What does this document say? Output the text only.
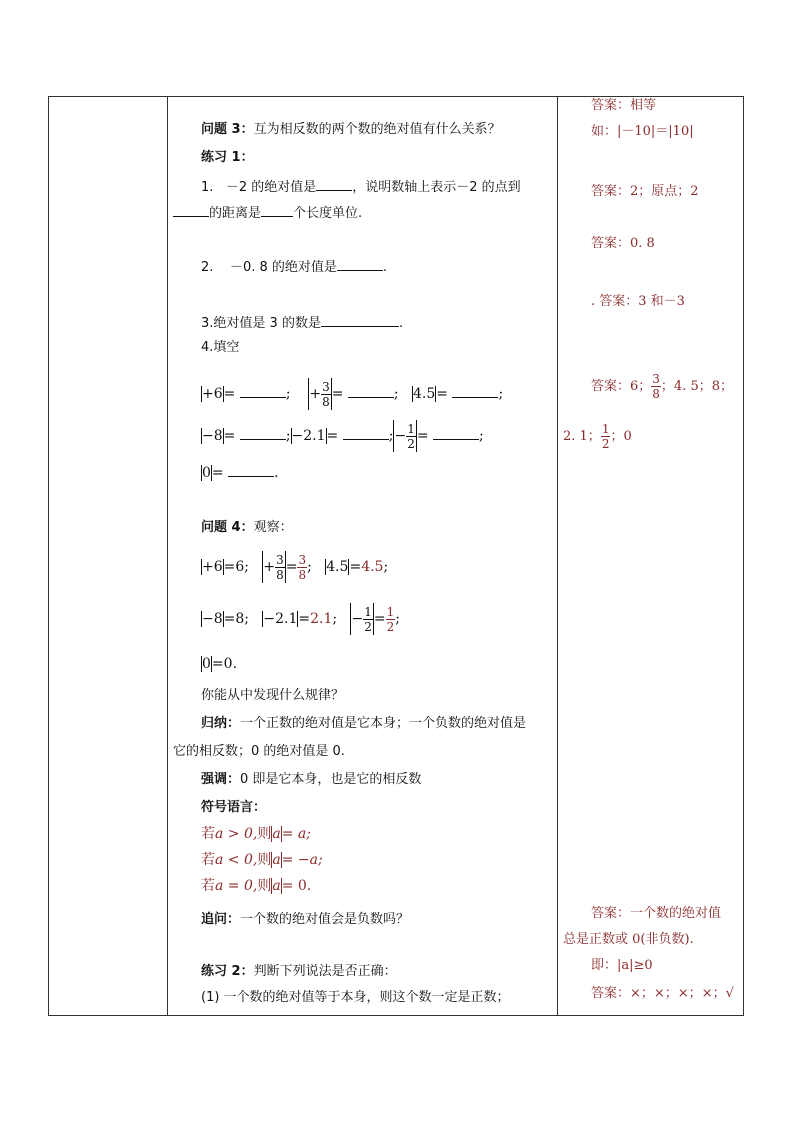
问题 3：互为相反数的两个数的绝对值有什么关系？
练习 1：
1. －2 的绝对值是	，说明数轴上表示－2 的点到
的距离是 个长度单位.
2. －0. 8 的绝对值是	.
3.绝对值是 3 的数是	.
4.填空
+6=	;    + $\frac{3}{8}$ =	;   4.5=	;
−8=	;−2.1=	;− $\frac{1}{2}$ =	;
0=	.
问题 4：观察：
+6=6;   + $\frac{3}{8} = \frac{3}{8}$ ;   4.5=4.5;
−8=8;   −2.1=2.1;   − $\frac{1}{2} = \frac{1}{2}$ ;
0=0.
你能从中发现什么规律？
归纳：一个正数的绝对值是它本身；一个负数的绝对值是
它的相反数；0 的绝对值是 0.
强调：0 即是它本身，也是它的相反数
符号语言：
若a > 0,则a= a;
若a < 0,则a= −a;
若a = 0,则a= 0.
追问：一个数的绝对值会是负数吗？
练习 2：判断下列说法是否正确：
(1) 一个数的绝对值等于本身，则这个数一定是正数；
答案：相等
如：|－10|＝|10|
答案：2；原点；2
答案：0. 8
. 答案：3 和－3
答案：6； $\frac{3}{8}$ ；4. 5；8；
2. 1； $\frac{1}{2}$ ；0
答案：一个数的绝对值
总是正数或 0(非负数).
即：|a|≥0
答案：×；×；×；×；√
